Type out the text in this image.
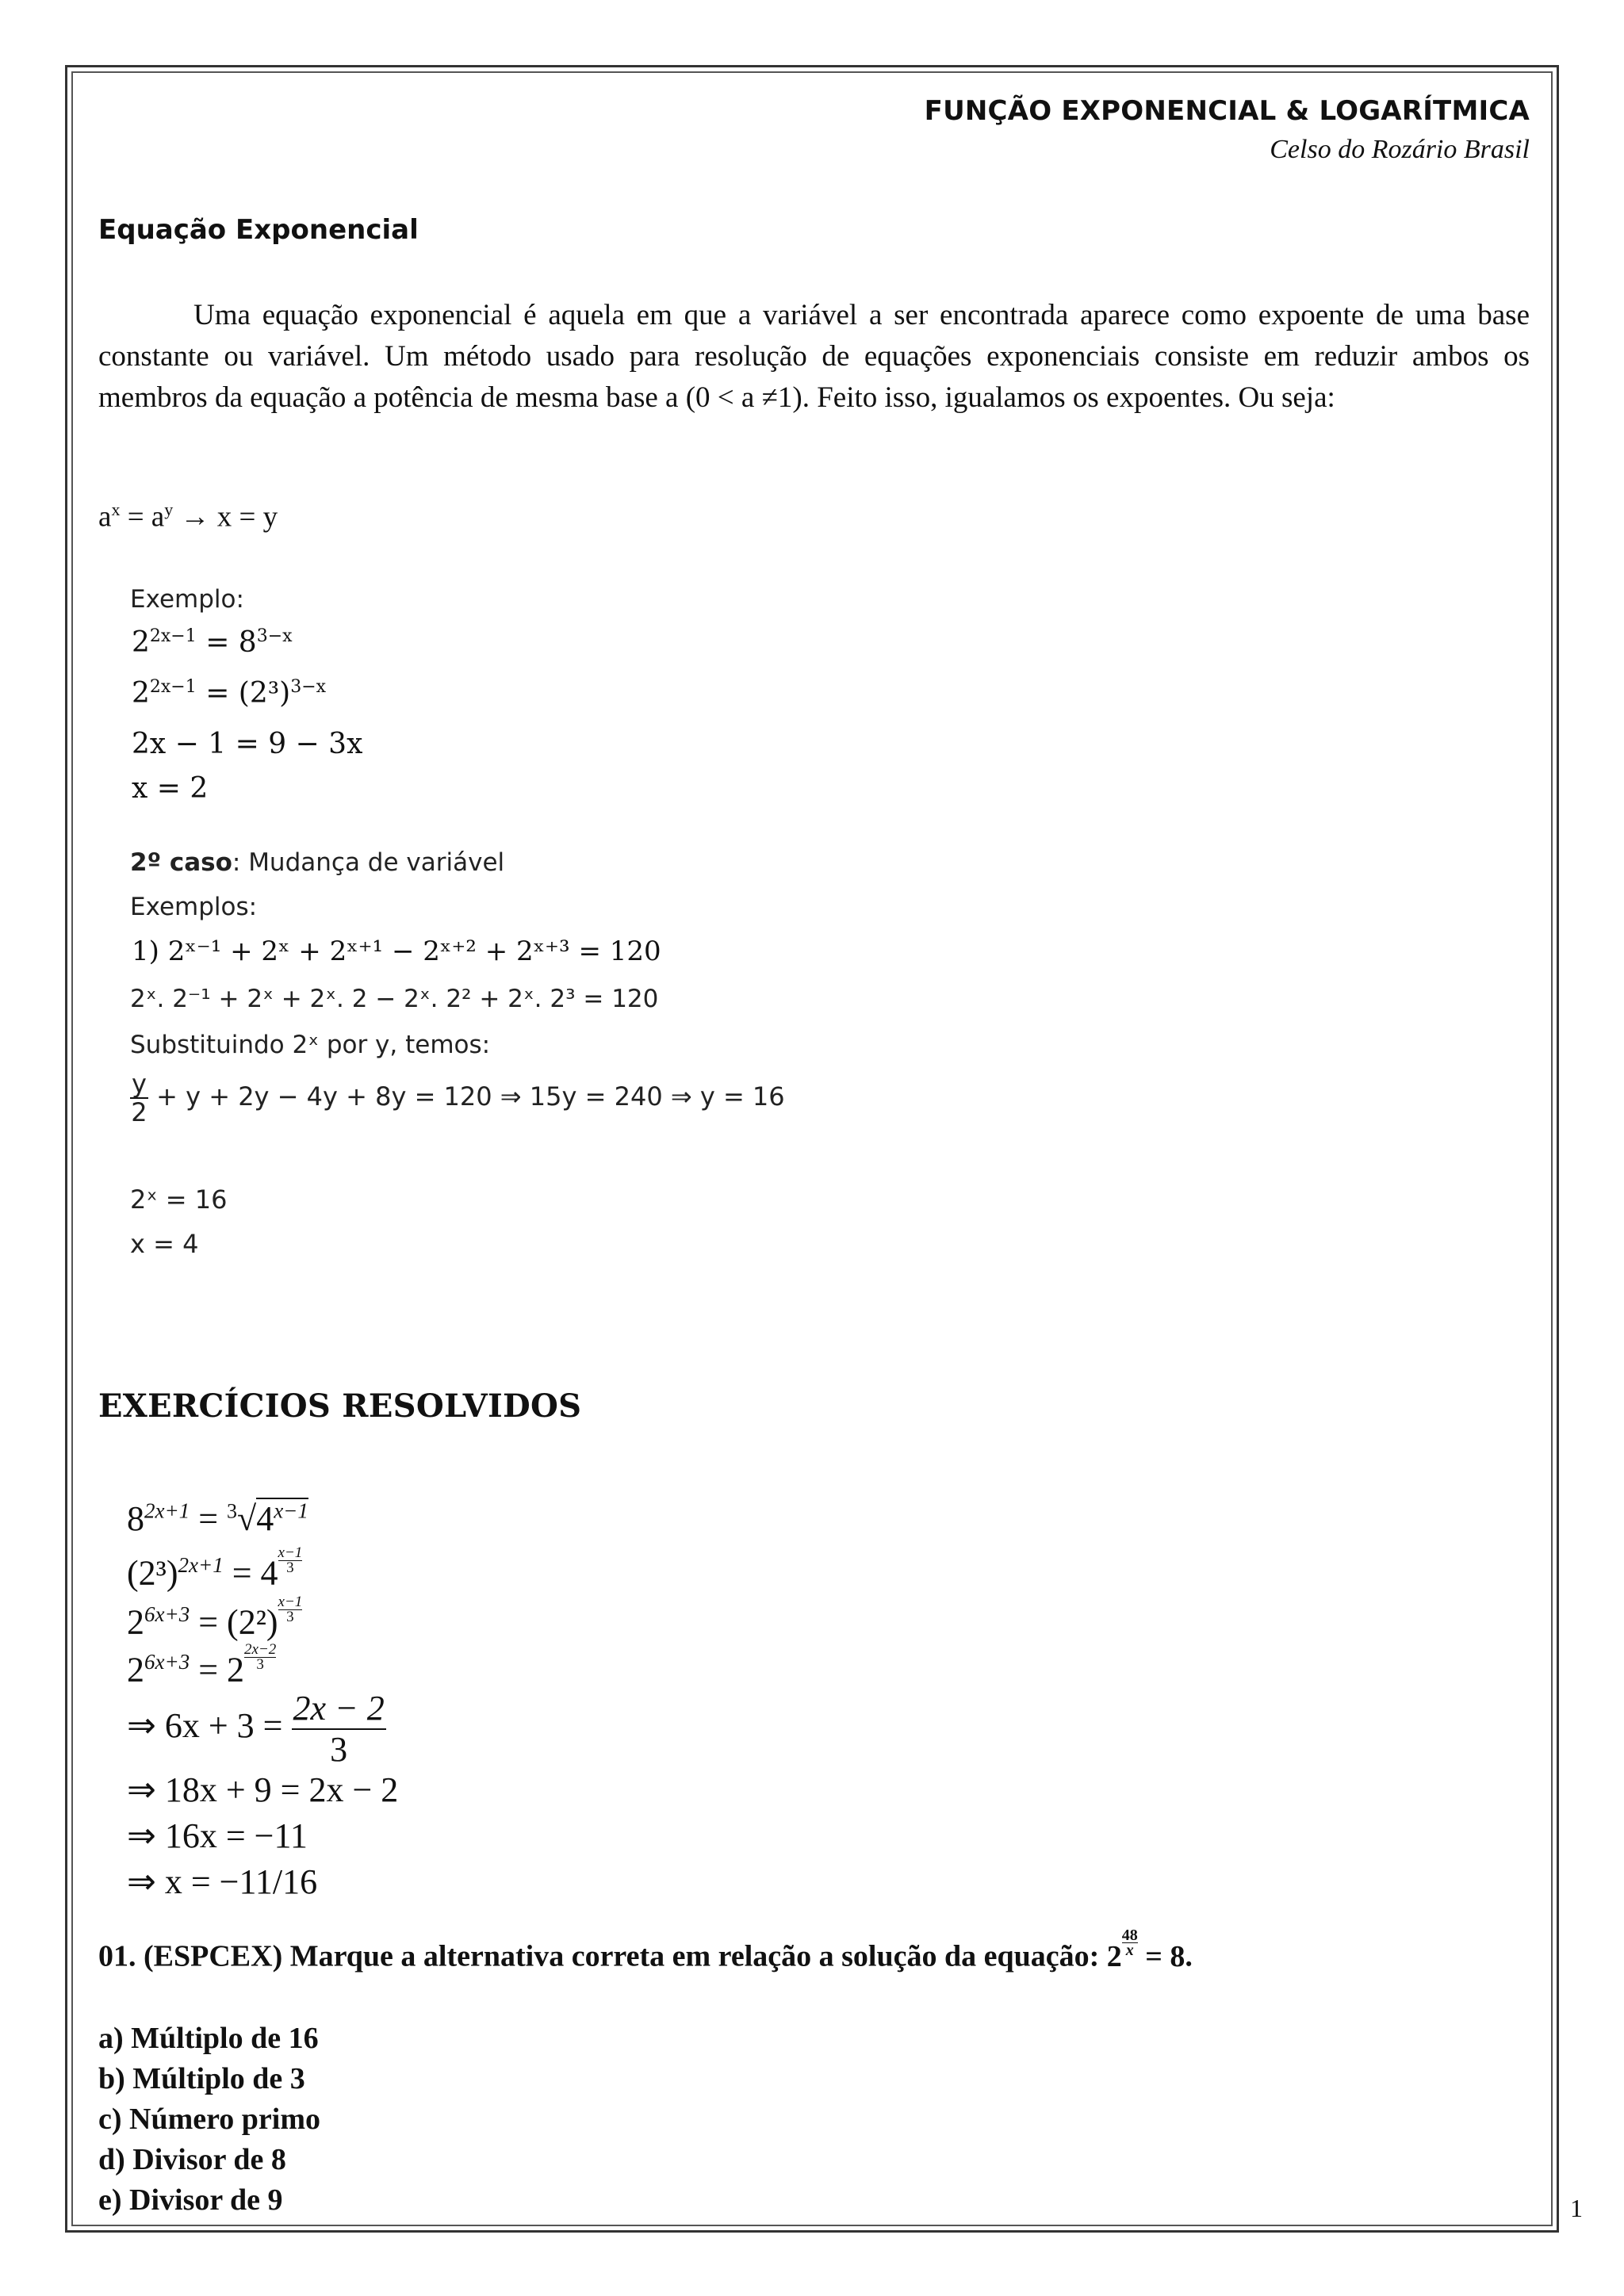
FUNÇÃO EXPONENCIAL & LOGARÍTMICA
Celso do Rozário Brasil
Equação Exponencial
Uma equação exponencial é aquela em que a variável a ser encontrada aparece como expoente de uma base constante ou variável. Um método usado para resolução de equações exponenciais consiste em reduzir ambos os membros da equação a potência de mesma base a (0 < a ≠1). Feito isso, igualamos os expoentes. Ou seja:
$a^x = a^y \to x = y$
Exemplo:
$2^{2x-1} = 8^{3-x}$
$2^{2x-1} = (2^3)^{3-x}$
2x − 1 = 9 − 3x
x = 2
2º caso: Mudança de variável
Exemplos:
1) 2ˣ⁻¹ + 2ˣ + 2ˣ⁺¹ − 2ˣ⁺² + 2ˣ⁺³ = 120
2ˣ. 2⁻¹ + 2ˣ + 2ˣ. 2 − 2ˣ. 2² + 2ˣ. 2³ = 120
Substituindo 2ˣ por y, temos:
$\frac{y}{2} + y + 2y - 4y + 8y = 120$ ⇒ 15y = 240 ⇒ y = 16
2ˣ = 16
x = 4
EXERCÍCIOS RESOLVIDOS
$8^{2x+1} = ^3√4^{x-1}$
$(2^3)^{2x+1} = 4 \frac{x-1}{3}$
$2^{6x+3} = (2^2) \frac{x-1}{3}$
$2^{6x+3} = 2 \frac{2x-2}{3}$
⇒ $6x + 3 = \frac{2x - 2}{3}$
⇒ 18x + 9 = 2x − 2
⇒ 16x = −11
⇒ x = −11/16
01. (ESPCEX) Marque a alternativa correta em relação a solução da equação: $2 \frac{48}{x} = 8$.
a) Múltiplo de 16
b) Múltiplo de 3
c) Número primo
d) Divisor de 8
e) Divisor de 9	1
